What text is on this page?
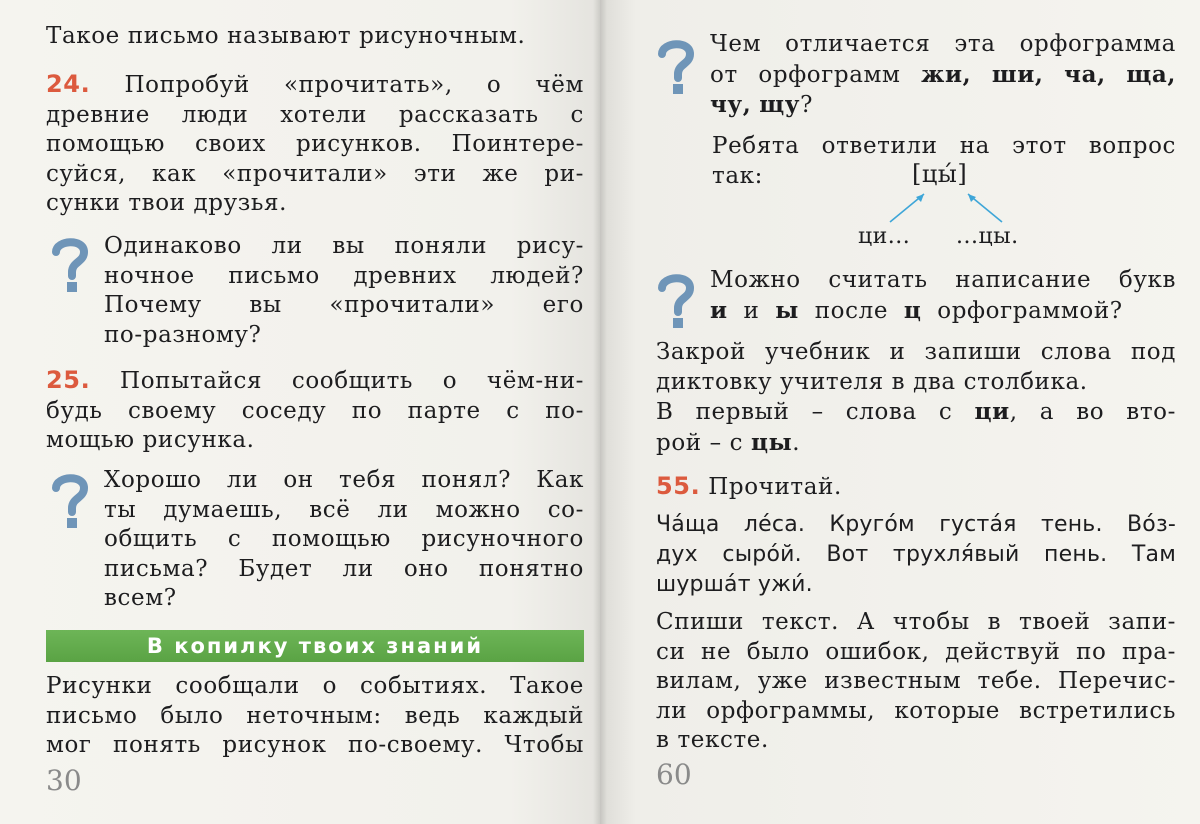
Такое письмо называют рисуночным.
24. Попробуй «прочитать», о чём
древние люди хотели рассказать с
помощью своих рисунков. Поинтере-
суйся, как «прочитали» эти же ри-
сунки твои друзья.
Одинаково ли вы поняли рису-
ночное письмо древних людей?
Почему вы «прочитали» его
по-разному?
25. Попытайся сообщить о чём-ни-
будь своему соседу по парте с по-
мощью рисунка.
Хорошо ли он тебя понял? Как
ты думаешь, всё ли можно со-
общить с помощью рисуночного
письма? Будет ли оно понятно
всем?
В копилку твоих знаний
Рисунки сообщали о событиях. Такое
письмо было неточным: ведь каждый
мог понять рисунок по-своему. Чтобы
30
Чем отличается эта орфограмма
от орфограмм жи, ши, ча, ща,
чу, щу?
Ребята ответили на этот вопрос
так:	[цы́]
ци... ...цы.
Можно считать написание букв
и и ы после ц орфограммой?
Закрой учебник и запиши слова под
диктовку учителя в два столбика.
В первый – слова с ци, а во вто-
рой – с цы.
55. Прочитай.
Ча́ща ле́са. Круго́м густа́я тень. Во́з-
дух сыро́й. Вот трухля́вый пень. Там
шурша́т ужи́.
Спиши текст. А чтобы в твоей запи-
си не было ошибок, действуй по пра-
вилам, уже известным тебе. Перечис-
ли орфограммы, которые встретились
в тексте.
60
